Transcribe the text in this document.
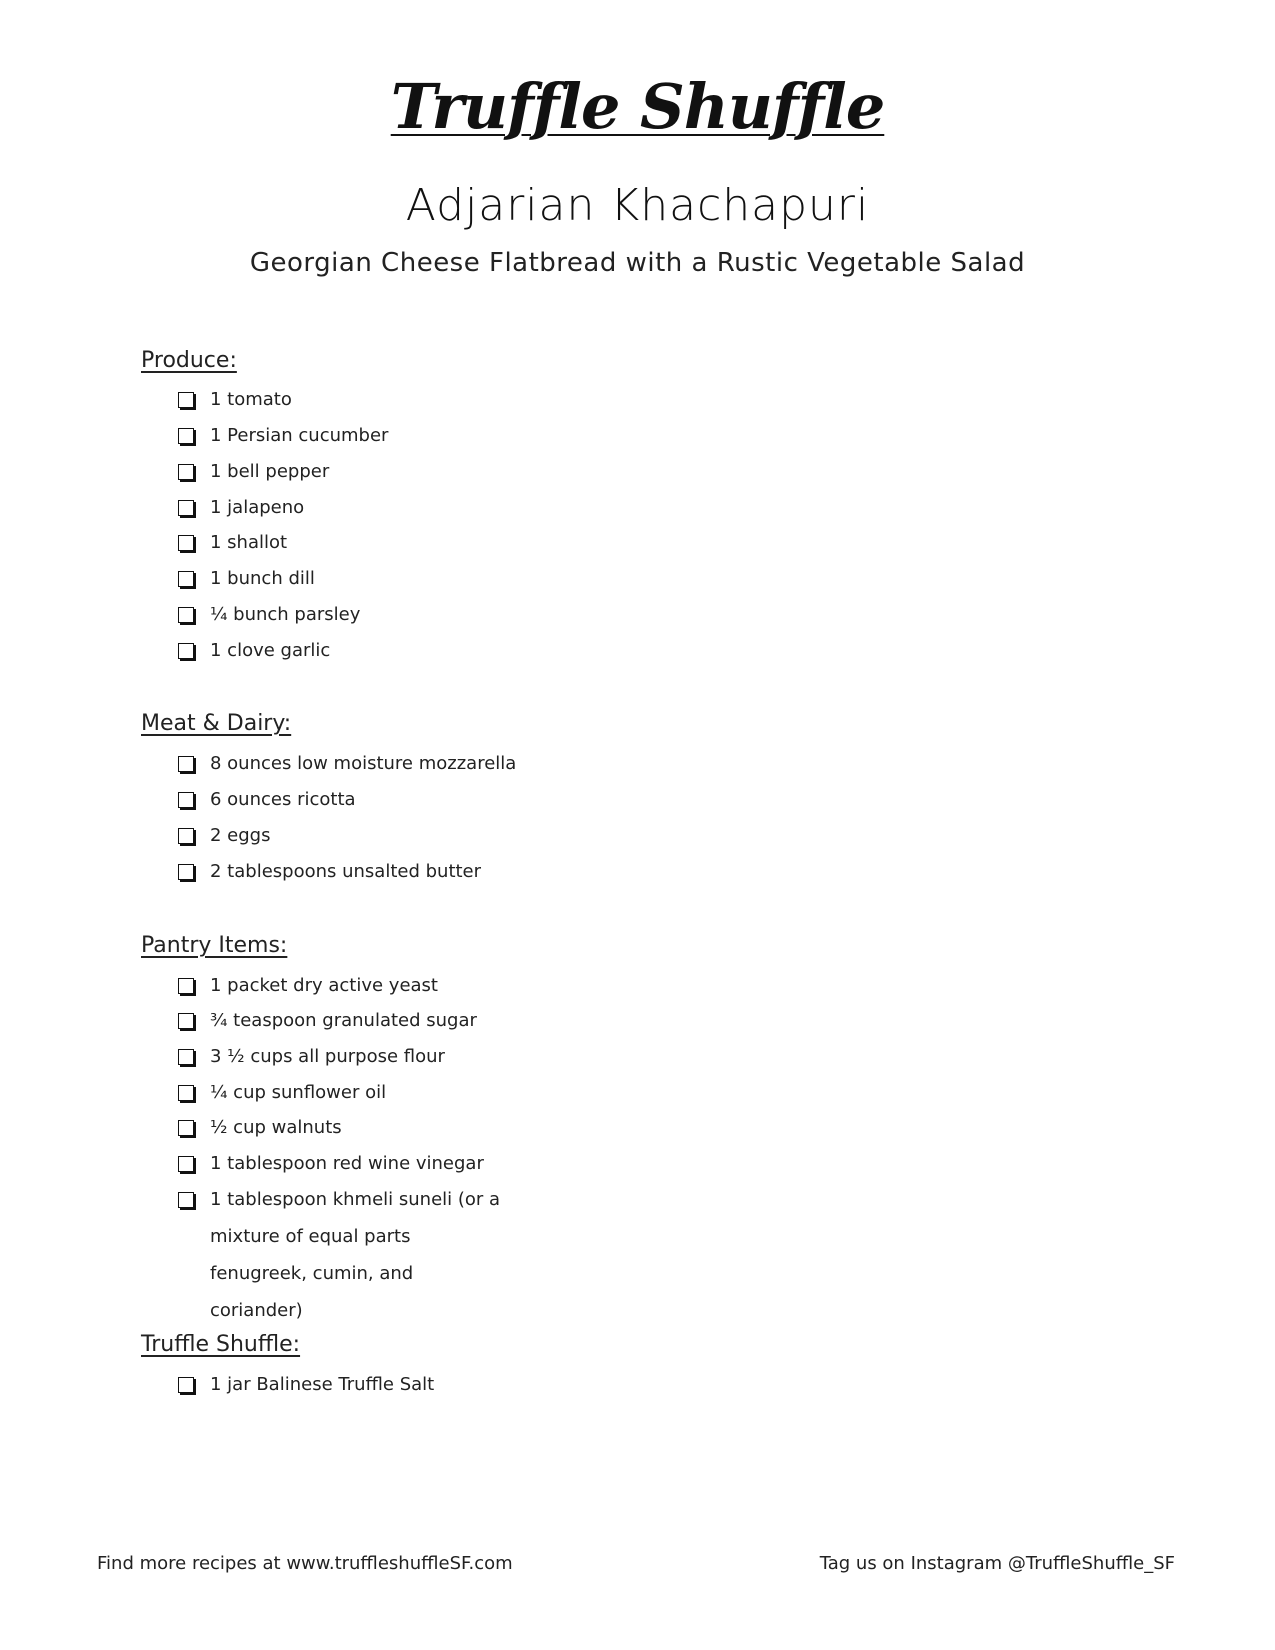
Truffle Shuffle
Adjarian Khachapuri
Georgian Cheese Flatbread with a Rustic Vegetable Salad
Produce:
1 tomato
1 Persian cucumber
1 bell pepper
1 jalapeno
1 shallot
1 bunch dill
¼ bunch parsley
1 clove garlic
Meat & Dairy:
8 ounces low moisture mozzarella
6 ounces ricotta
2 eggs
2 tablespoons unsalted butter
Pantry Items:
1 packet dry active yeast
¾ teaspoon granulated sugar
3 ½ cups all purpose flour
¼ cup sunflower oil
½ cup walnuts
1 tablespoon red wine vinegar
1 tablespoon khmeli suneli (or a mixture of equal parts fenugreek, cumin, and coriander)
Truffle Shuffle:
1 jar Balinese Truffle Salt
Find more recipes at www.truffleshuffleSF.com	Tag us on Instagram @TruffleShuffle_SF
